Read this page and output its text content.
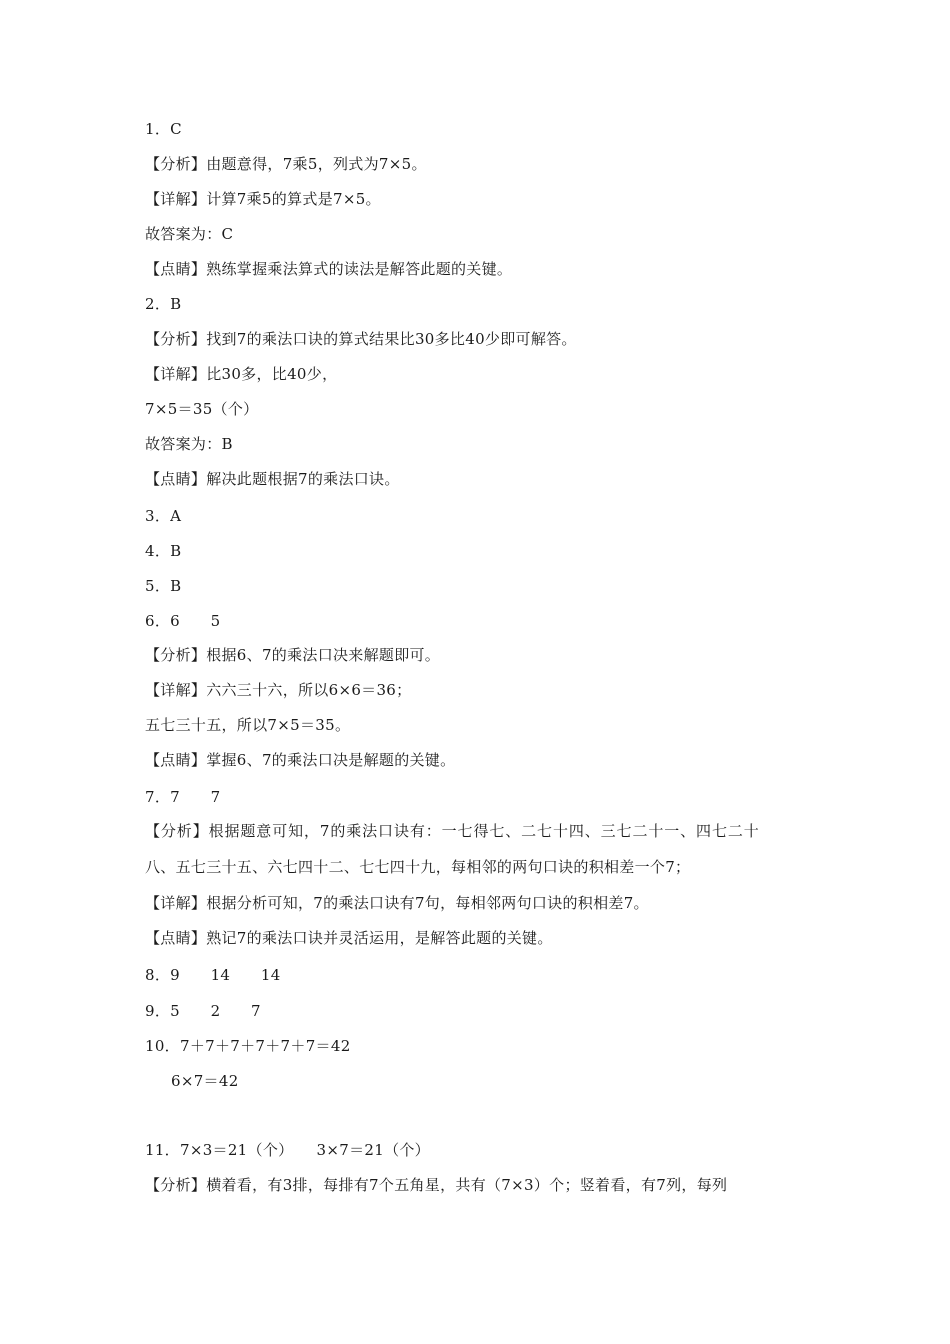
1．C
【分析】由题意得，7乘5，列式为7×5。
【详解】计算7乘5的算式是7×5。
故答案为：C
【点睛】熟练掌握乘法算式的读法是解答此题的关键。
2．B
【分析】找到7的乘法口诀的算式结果比30多比40少即可解答。
【详解】比30多，比40少，
7×5＝35（个）
故答案为：B
【点睛】解决此题根据7的乘法口诀。
3．A
4．B
5．B
6．6　　5
【分析】根据6、7的乘法口决来解题即可。
【详解】六六三十六，所以6×6＝36；
五七三十五，所以7×5＝35。
【点睛】掌握6、7的乘法口决是解题的关键。
7．7　　7
【分析】根据题意可知，7的乘法口诀有：一七得七、二七十四、三七二十一、四七二十
八、五七三十五、六七四十二、七七四十九，每相邻的两句口诀的积相差一个7；
【详解】根据分析可知，7的乘法口诀有7句，每相邻两句口诀的积相差7。
【点睛】熟记7的乘法口诀并灵活运用，是解答此题的关键。
8．9　　14　　14
9．5　　2　　7
10．7＋7＋7＋7＋7＋7＝42
6×7＝42
11．7×3＝21（个）　　3×7＝21（个）
【分析】横着看，有3排，每排有7个五角星，共有（7×3）个；竖着看，有7列，每列
